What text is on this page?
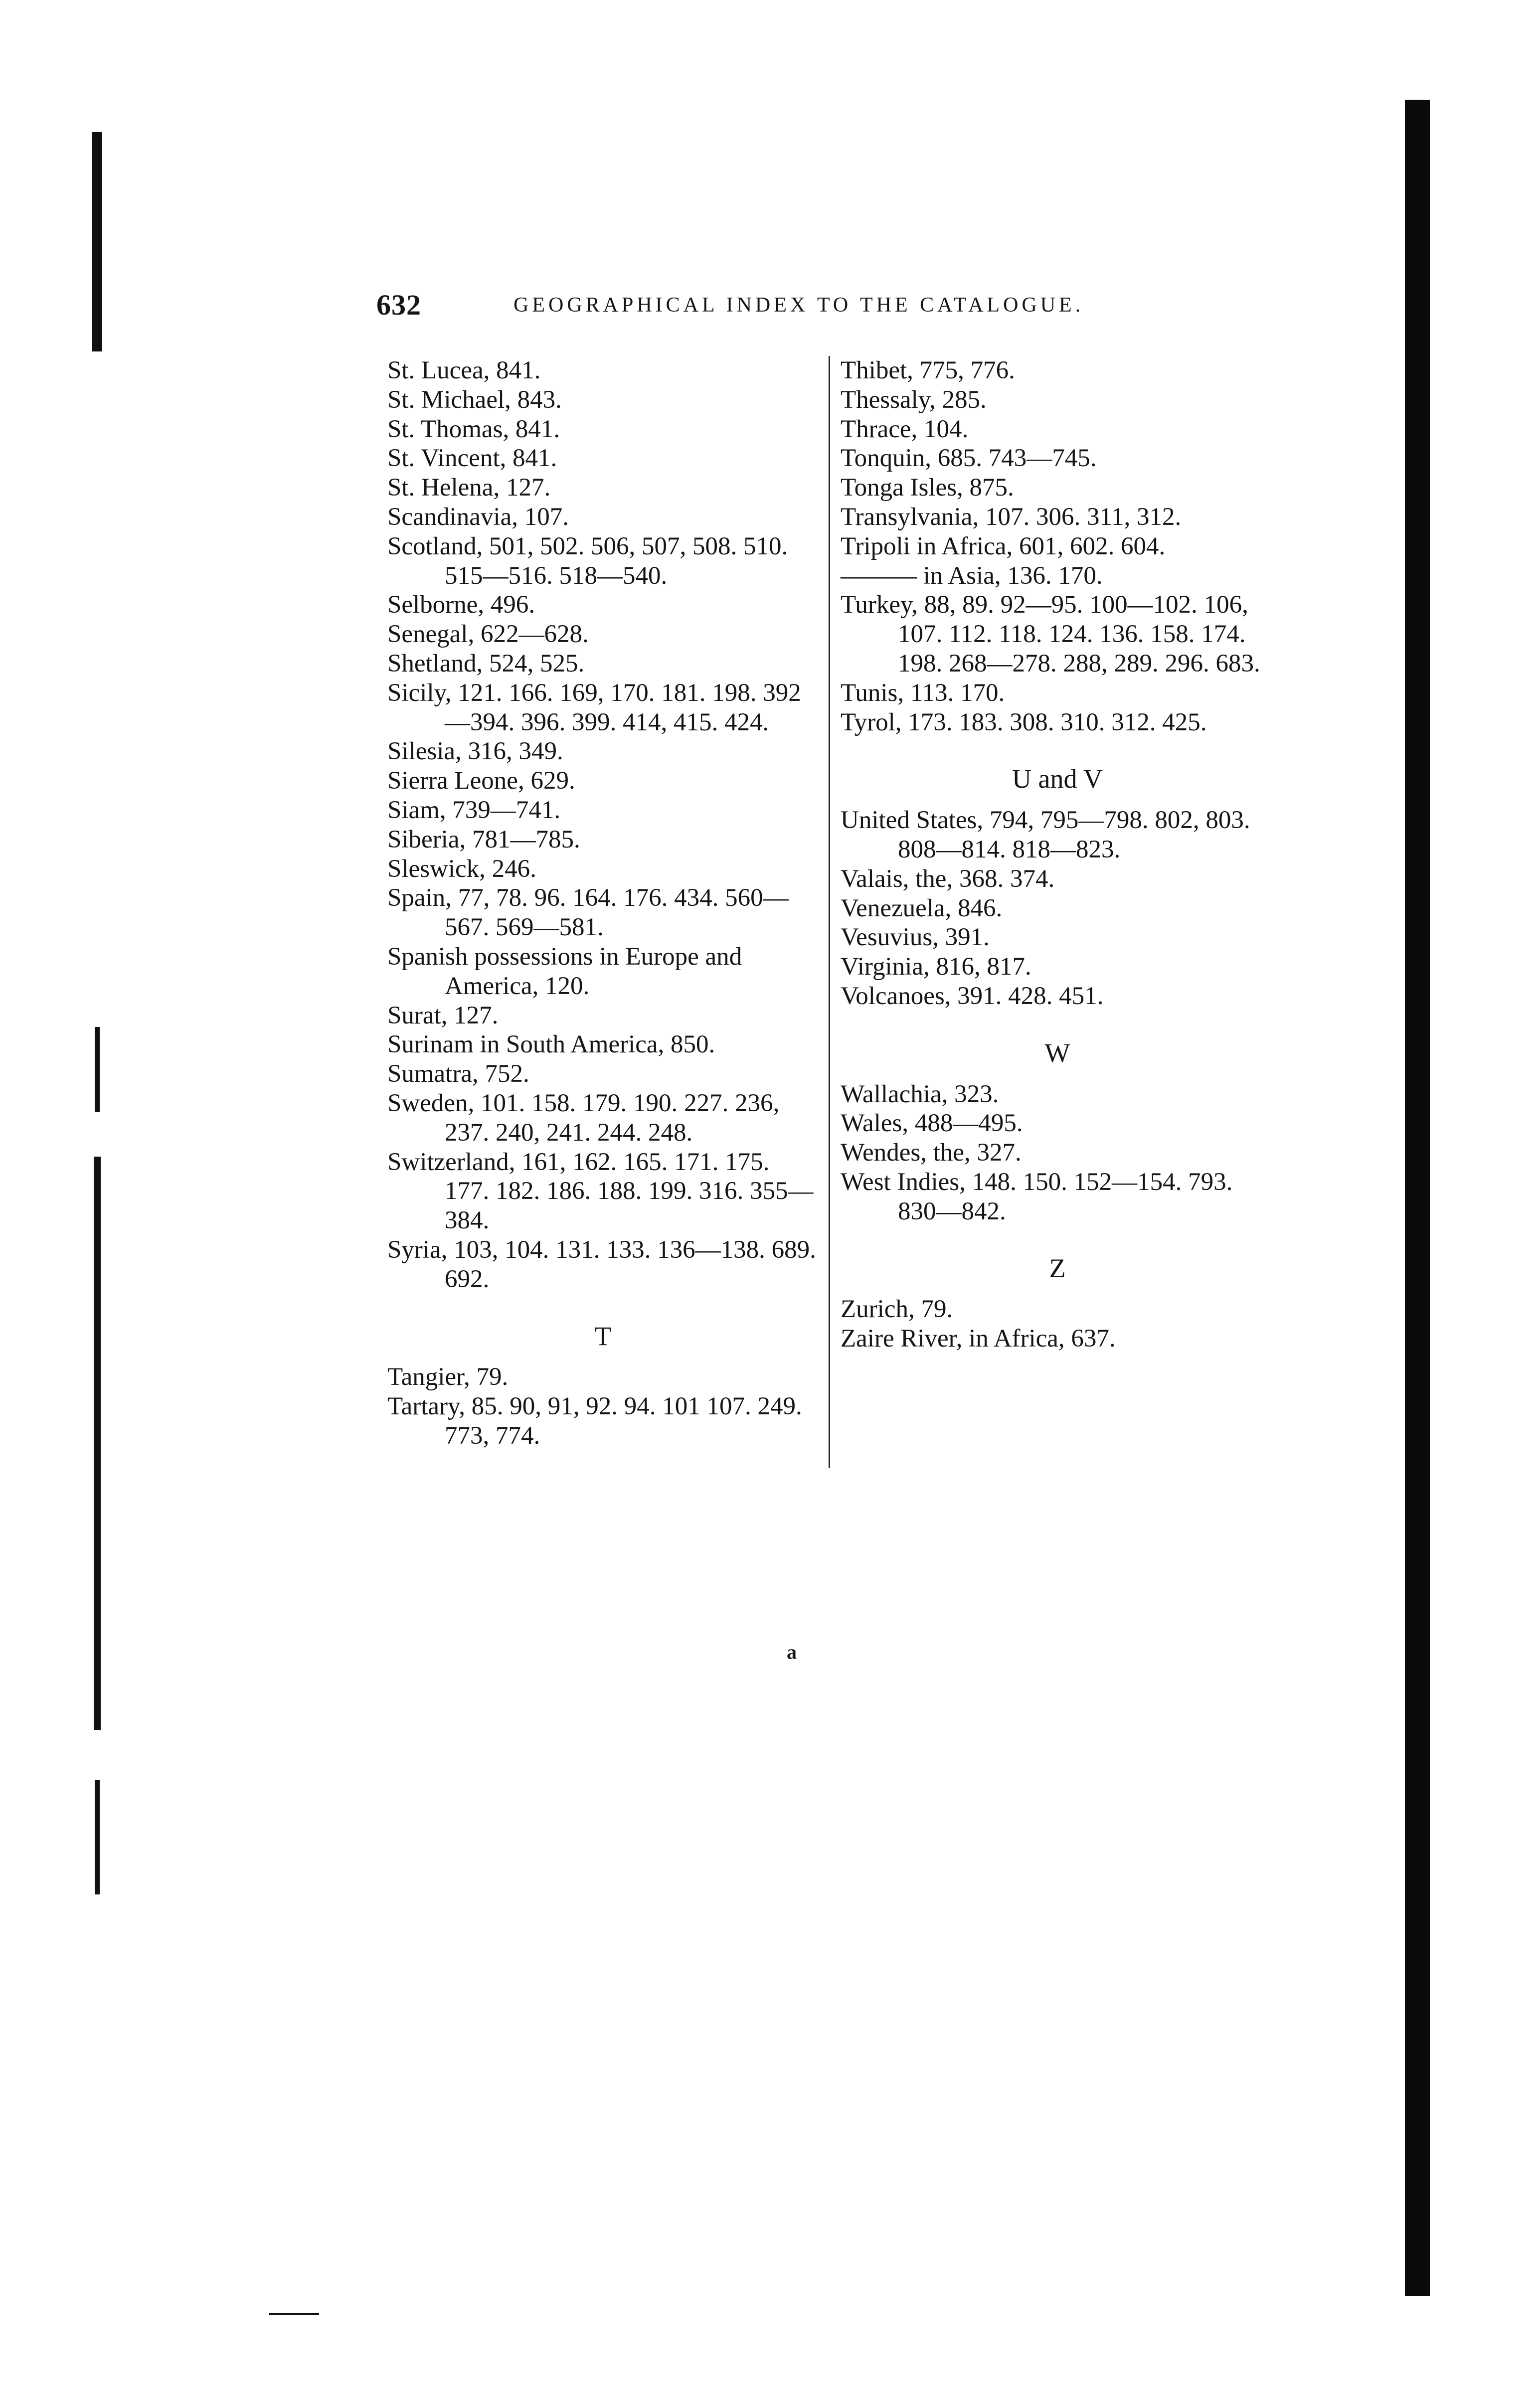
632	GEOGRAPHICAL INDEX TO THE CATALOGUE.

St. Lucea, 841.

St. Michael, 843.

St. Thomas, 841.

St. Vincent, 841.

St. Helena, 127.

Scandinavia, 107.

Scotland, 501, 502. 506, 507, 508. 510. 515—516. 518—540.

Selborne, 496.

Senegal, 622—628.

Shetland, 524, 525.

Sicily, 121. 166. 169, 170. 181. 198. 392—394. 396. 399. 414, 415. 424.

Silesia, 316, 349.

Sierra Leone, 629.

Siam, 739—741.

Siberia, 781—785.

Sleswick, 246.

Spain, 77, 78. 96. 164. 176. 434. 560—567. 569—581.

Spanish possessions in Europe and America, 120.

Surat, 127.

Surinam in South America, 850.

Sumatra, 752.

Sweden, 101. 158. 179. 190. 227. 236, 237. 240, 241. 244. 248.

Switzerland, 161, 162. 165. 171. 175. 177. 182. 186. 188. 199. 316. 355—384.

Syria, 103, 104. 131. 133. 136—138. 689. 692.

T

Tangier, 79.

Tartary, 85. 90, 91, 92. 94. 101 107. 249. 773, 774.

Thibet, 775, 776.

Thessaly, 285.

Thrace, 104.

Tonquin, 685. 743—745.

Tonga Isles, 875.

Transylvania, 107. 306. 311, 312.

Tripoli in Africa, 601, 602. 604.

——— in Asia, 136. 170.

Turkey, 88, 89. 92—95. 100—102. 106, 107. 112. 118. 124. 136. 158. 174. 198. 268—278. 288, 289. 296. 683.

Tunis, 113. 170.

Tyrol, 173. 183. 308. 310. 312. 425.

U and V

United States, 794, 795—798. 802, 803. 808—814. 818—823.

Valais, the, 368. 374.

Venezuela, 846.

Vesuvius, 391.

Virginia, 816, 817.

Volcanoes, 391. 428. 451.

W

Wallachia, 323.

Wales, 488—495.

Wendes, the, 327.

West Indies, 148. 150. 152—154. 793. 830—842.

Z

Zurich, 79.

Zaire River, in Africa, 637.

a
